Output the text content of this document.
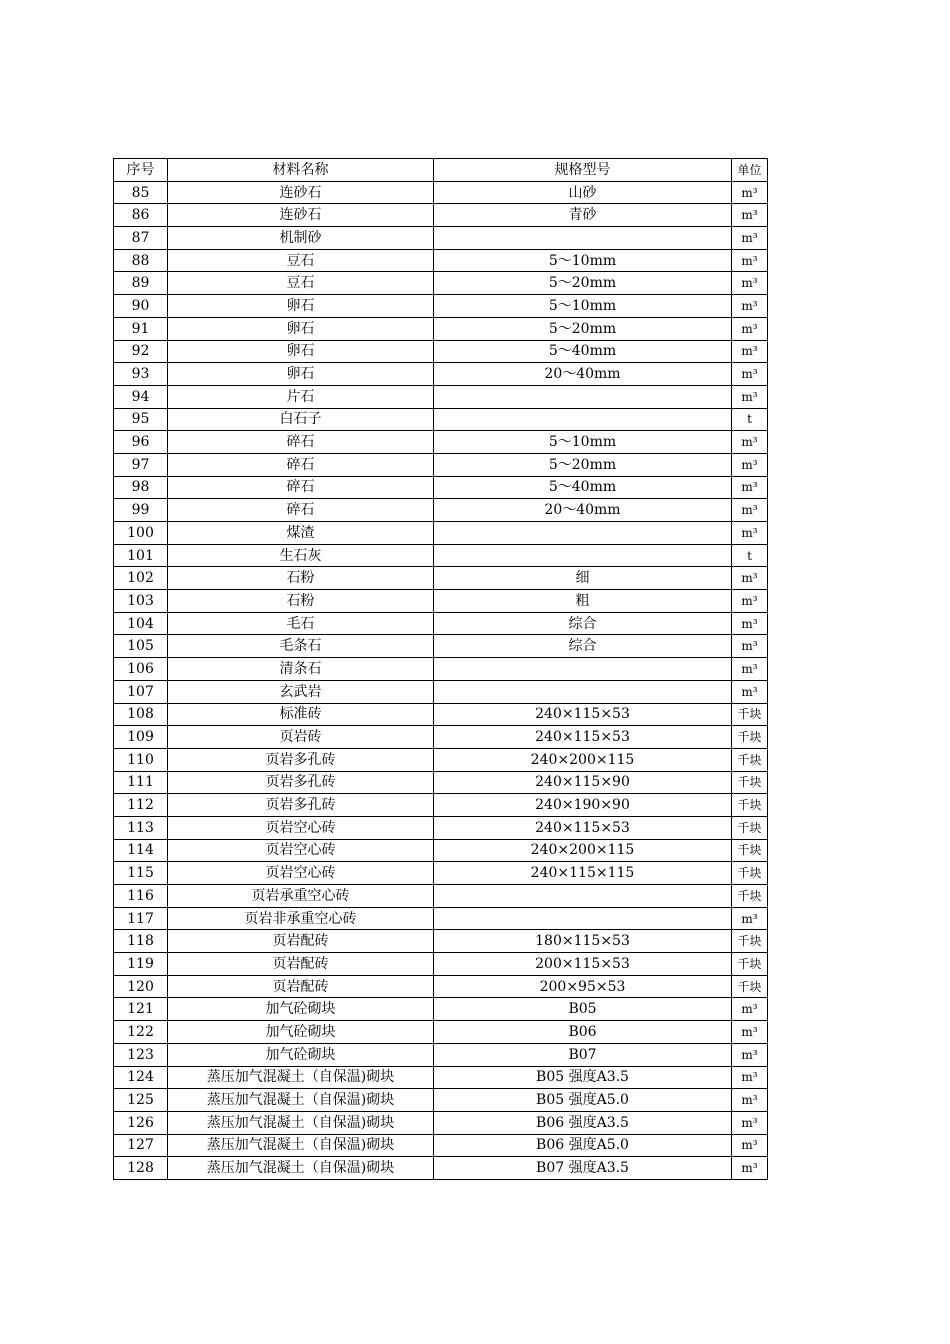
序号	材料名称	规格型号	单位
85	连砂石	山砂	m³
86	连砂石	青砂	m³
87	机制砂		m³
88	豆石	5～10mm	m³
89	豆石	5～20mm	m³
90	卵石	5～10mm	m³
91	卵石	5～20mm	m³
92	卵石	5～40mm	m³
93	卵石	20～40mm	m³
94	片石		m³
95	白石子		t
96	碎石	5～10mm	m³
97	碎石	5～20mm	m³
98	碎石	5～40mm	m³
99	碎石	20～40mm	m³
100	煤渣		m³
101	生石灰		t
102	石粉	细	m³
103	石粉	粗	m³
104	毛石	综合	m³
105	毛条石	综合	m³
106	清条石		m³
107	玄武岩		m³
108	标准砖	240×115×53	千块
109	页岩砖	240×115×53	千块
110	页岩多孔砖	240×200×115	千块
111	页岩多孔砖	240×115×90	千块
112	页岩多孔砖	240×190×90	千块
113	页岩空心砖	240×115×53	千块
114	页岩空心砖	240×200×115	千块
115	页岩空心砖	240×115×115	千块
116	页岩承重空心砖		千块
117	页岩非承重空心砖		m³
118	页岩配砖	180×115×53	千块
119	页岩配砖	200×115×53	千块
120	页岩配砖	200×95×53	千块
121	加气砼砌块	B05	m³
122	加气砼砌块	B06	m³
123	加气砼砌块	B07	m³
124	蒸压加气混凝土（自保温)砌块	B05 强度A3.5	m³
125	蒸压加气混凝土（自保温)砌块	B05 强度A5.0	m³
126	蒸压加气混凝土（自保温)砌块	B06 强度A3.5	m³
127	蒸压加气混凝土（自保温)砌块	B06 强度A5.0	m³
128	蒸压加气混凝土（自保温)砌块	B07 强度A3.5	m³
